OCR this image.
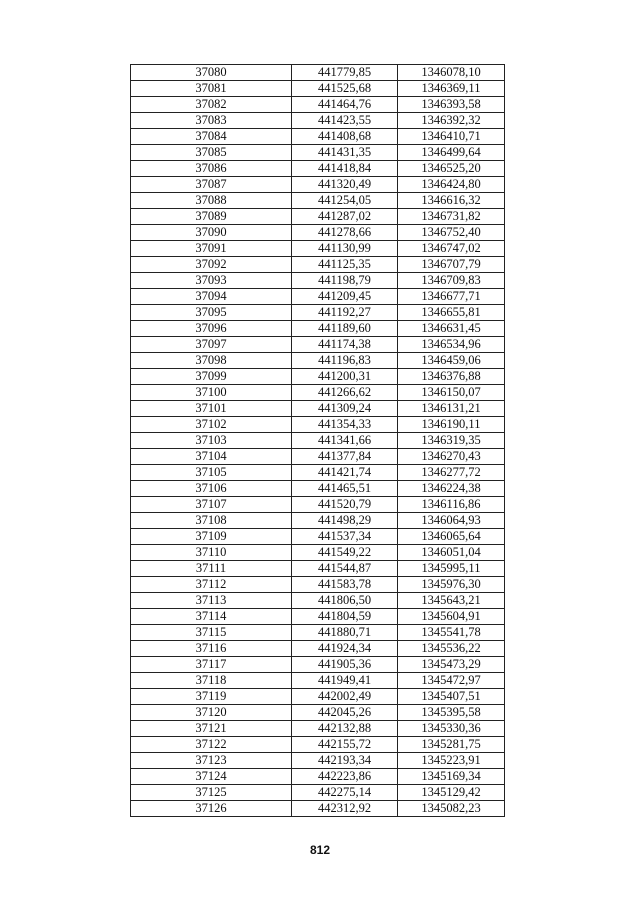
37080	441779,85	1346078,10
37081	441525,68	1346369,11
37082	441464,76	1346393,58
37083	441423,55	1346392,32
37084	441408,68	1346410,71
37085	441431,35	1346499,64
37086	441418,84	1346525,20
37087	441320,49	1346424,80
37088	441254,05	1346616,32
37089	441287,02	1346731,82
37090	441278,66	1346752,40
37091	441130,99	1346747,02
37092	441125,35	1346707,79
37093	441198,79	1346709,83
37094	441209,45	1346677,71
37095	441192,27	1346655,81
37096	441189,60	1346631,45
37097	441174,38	1346534,96
37098	441196,83	1346459,06
37099	441200,31	1346376,88
37100	441266,62	1346150,07
37101	441309,24	1346131,21
37102	441354,33	1346190,11
37103	441341,66	1346319,35
37104	441377,84	1346270,43
37105	441421,74	1346277,72
37106	441465,51	1346224,38
37107	441520,79	1346116,86
37108	441498,29	1346064,93
37109	441537,34	1346065,64
37110	441549,22	1346051,04
37111	441544,87	1345995,11
37112	441583,78	1345976,30
37113	441806,50	1345643,21
37114	441804,59	1345604,91
37115	441880,71	1345541,78
37116	441924,34	1345536,22
37117	441905,36	1345473,29
37118	441949,41	1345472,97
37119	442002,49	1345407,51
37120	442045,26	1345395,58
37121	442132,88	1345330,36
37122	442155,72	1345281,75
37123	442193,34	1345223,91
37124	442223,86	1345169,34
37125	442275,14	1345129,42
37126	442312,92	1345082,23
812
